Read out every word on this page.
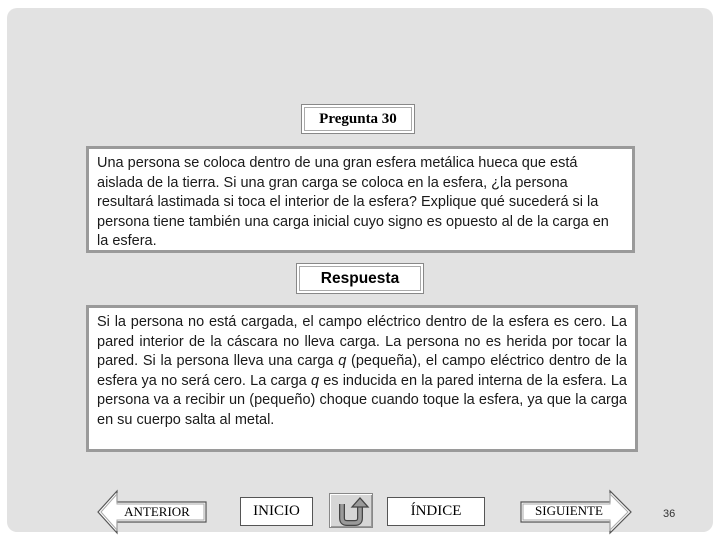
Pregunta 30
Una persona se coloca dentro de una gran esfera metálica hueca que está aislada de la tierra. Si una gran carga se coloca en la esfera, ¿la persona resultará lastimada si toca el interior de la esfera? Explique qué sucederá si la persona tiene también una carga inicial cuyo signo es opuesto al de la carga en la esfera.
Respuesta

Si la persona no está cargada, el campo eléctrico dentro de la esfera es cero. La pared interior de la cáscara no lleva carga. La persona no es herida por tocar la pared. Si la persona lleva una carga q (pequeña), el campo eléctrico dentro de la esfera ya no será cero. La carga q es inducida en la pared interna de la esfera. La persona va a recibir un (pequeño) choque cuando toque la esfera, ya que la carga en su cuerpo salta al metal.

ANTERIOR	INICIO	ÍNDICE	SIGUIENTE	36
